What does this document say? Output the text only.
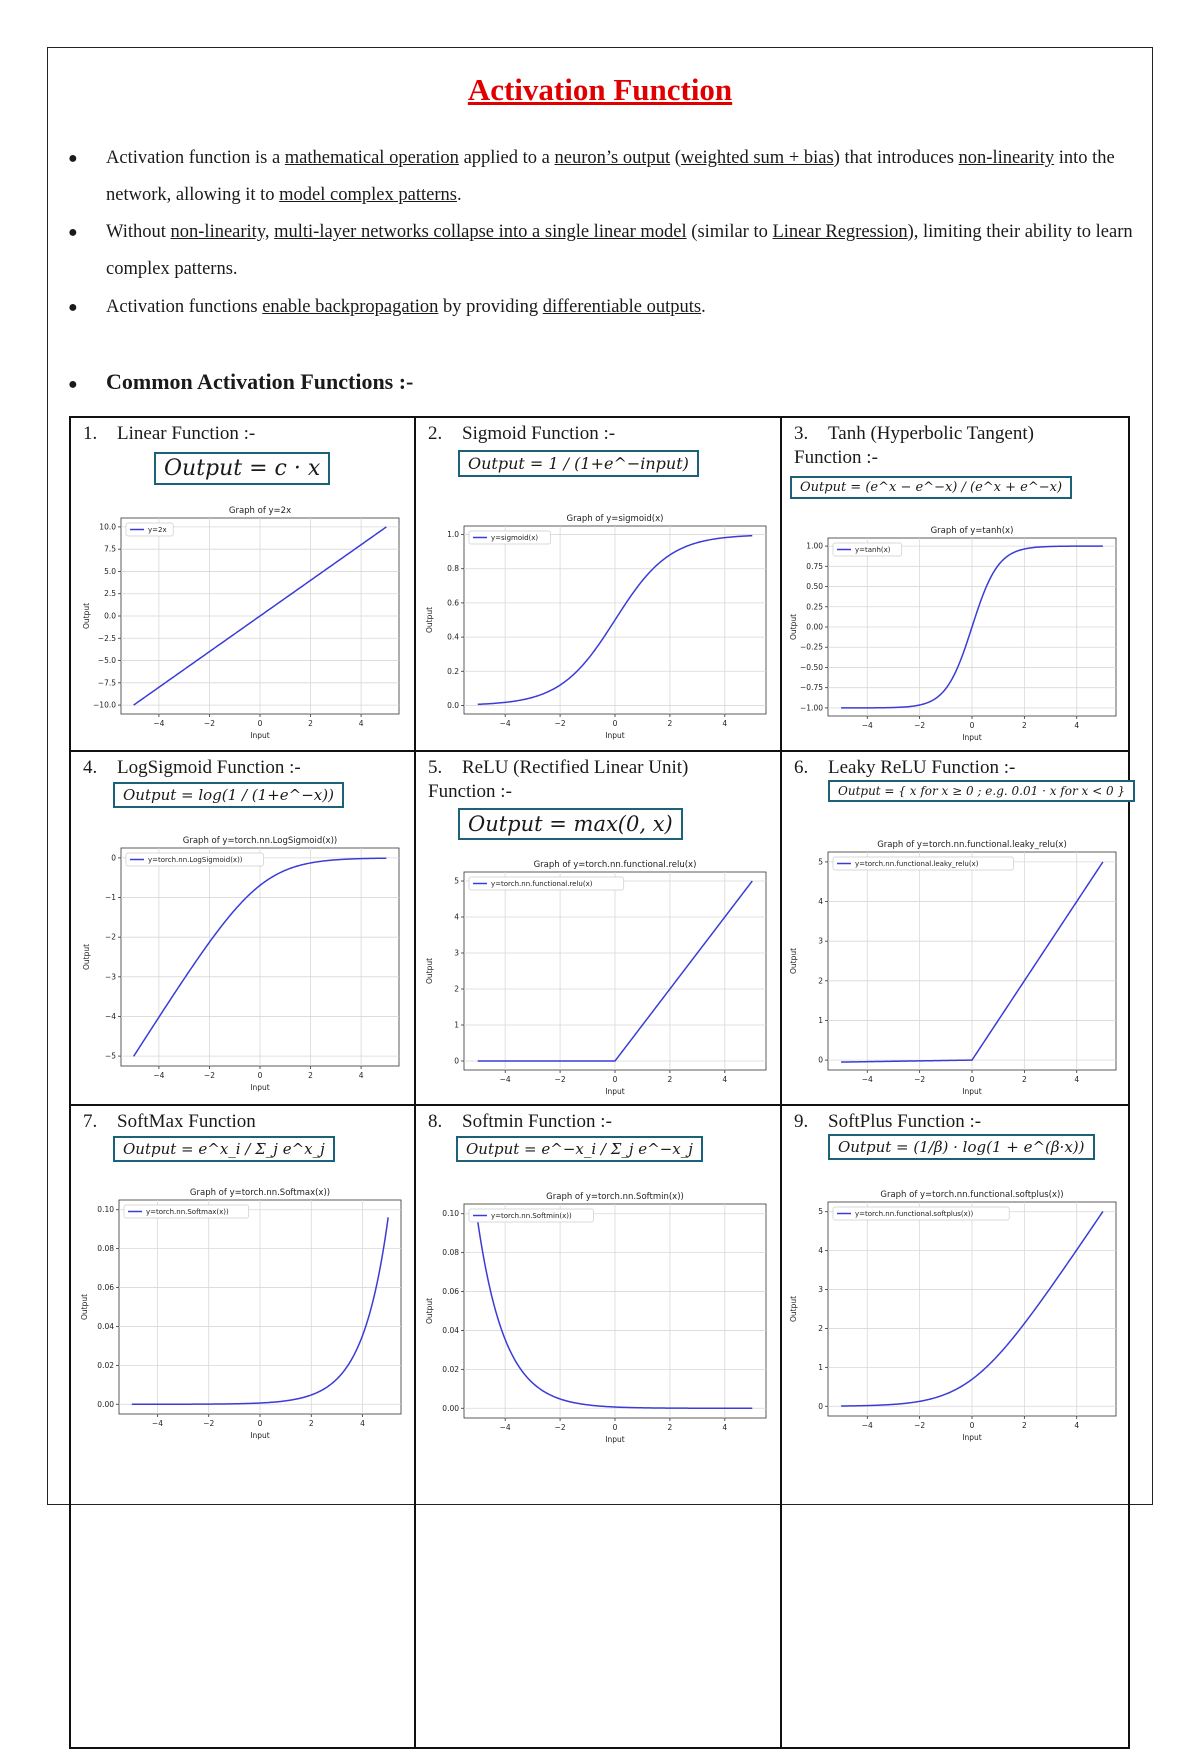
Activation Function
● Activation function is a mathematical operation applied to a neuron’s output (weighted sum + bias) that introduces non-linearity into the network, allowing it to model complex patterns.
● Without non-linearity, multi-layer networks collapse into a single linear model (similar to Linear Regression), limiting their ability to learn complex patterns.
● Activation functions enable backpropagation by providing differentiable outputs.
● Common Activation Functions :-
1. Linear Function :-
Output = c · x
Graph of y=2x
−4	−2	0	2	4
−10.0
−7.5
−5.0
−2.5
0.0
2.5
5.0
7.5
10.0
Input
Output
y=2x
2. Sigmoid Function :-
Output = 1 / (1+e^−input)
Graph of y=sigmoid(x)
−4	−2	0	2	4
0.0
0.2
0.4
0.6
0.8
1.0
Input
Output
y=sigmoid(x)
3. Tanh (Hyperbolic Tangent) Function :-
Output = (e^x − e^−x) / (e^x + e^−x)
Graph of y=tanh(x)
−4	−2	0	2	4
−1.00
−0.75
−0.50
−0.25
0.00
0.25
0.50
0.75
1.00
Input
Output
y=tanh(x)
4. LogSigmoid Function :-
Output = log(1 / (1+e^−x))
Graph of y=torch.nn.LogSigmoid(x))
−4	−2	0	2	4
−5
−4
−3
−2
−1
0
Input
Output
y=torch.nn.LogSigmoid(x))
5. ReLU (Rectified Linear Unit) Function :-
Output = max(0, x)
Graph of y=torch.nn.functional.relu(x)
−4	−2	0	2	4
0
1
2
3
4
5
Input
Output
y=torch.nn.functional.relu(x)
6. Leaky ReLU Function :-
Output = { x for x ≥ 0 ; e.g. 0.01 · x for x < 0 }
Graph of y=torch.nn.functional.leaky_relu(x)
−4	−2	0	2	4
0
1
2
3
4
5
Input
Output
y=torch.nn.functional.leaky_relu(x)
7. SoftMax Function
Output = e^x_i / Σ_j e^x_j
Graph of y=torch.nn.Softmax(x))
−4	−2	0	2	4
0.00
0.02
0.04
0.06
0.08
0.10
Input
Output
y=torch.nn.Softmax(x))
8. Softmin Function :-
Output = e^−x_i / Σ_j e^−x_j
Graph of y=torch.nn.Softmin(x))
−4	−2	0	2	4
0.00
0.02
0.04
0.06
0.08
0.10
Input
Output
y=torch.nn.Softmin(x))
9. SoftPlus Function :-
Output = (1/β) · log(1 + e^(β·x))
Graph of y=torch.nn.functional.softplus(x))
−4	−2	0	2	4
0
1
2
3
4
5
Input
Output
y=torch.nn.functional.softplus(x))
